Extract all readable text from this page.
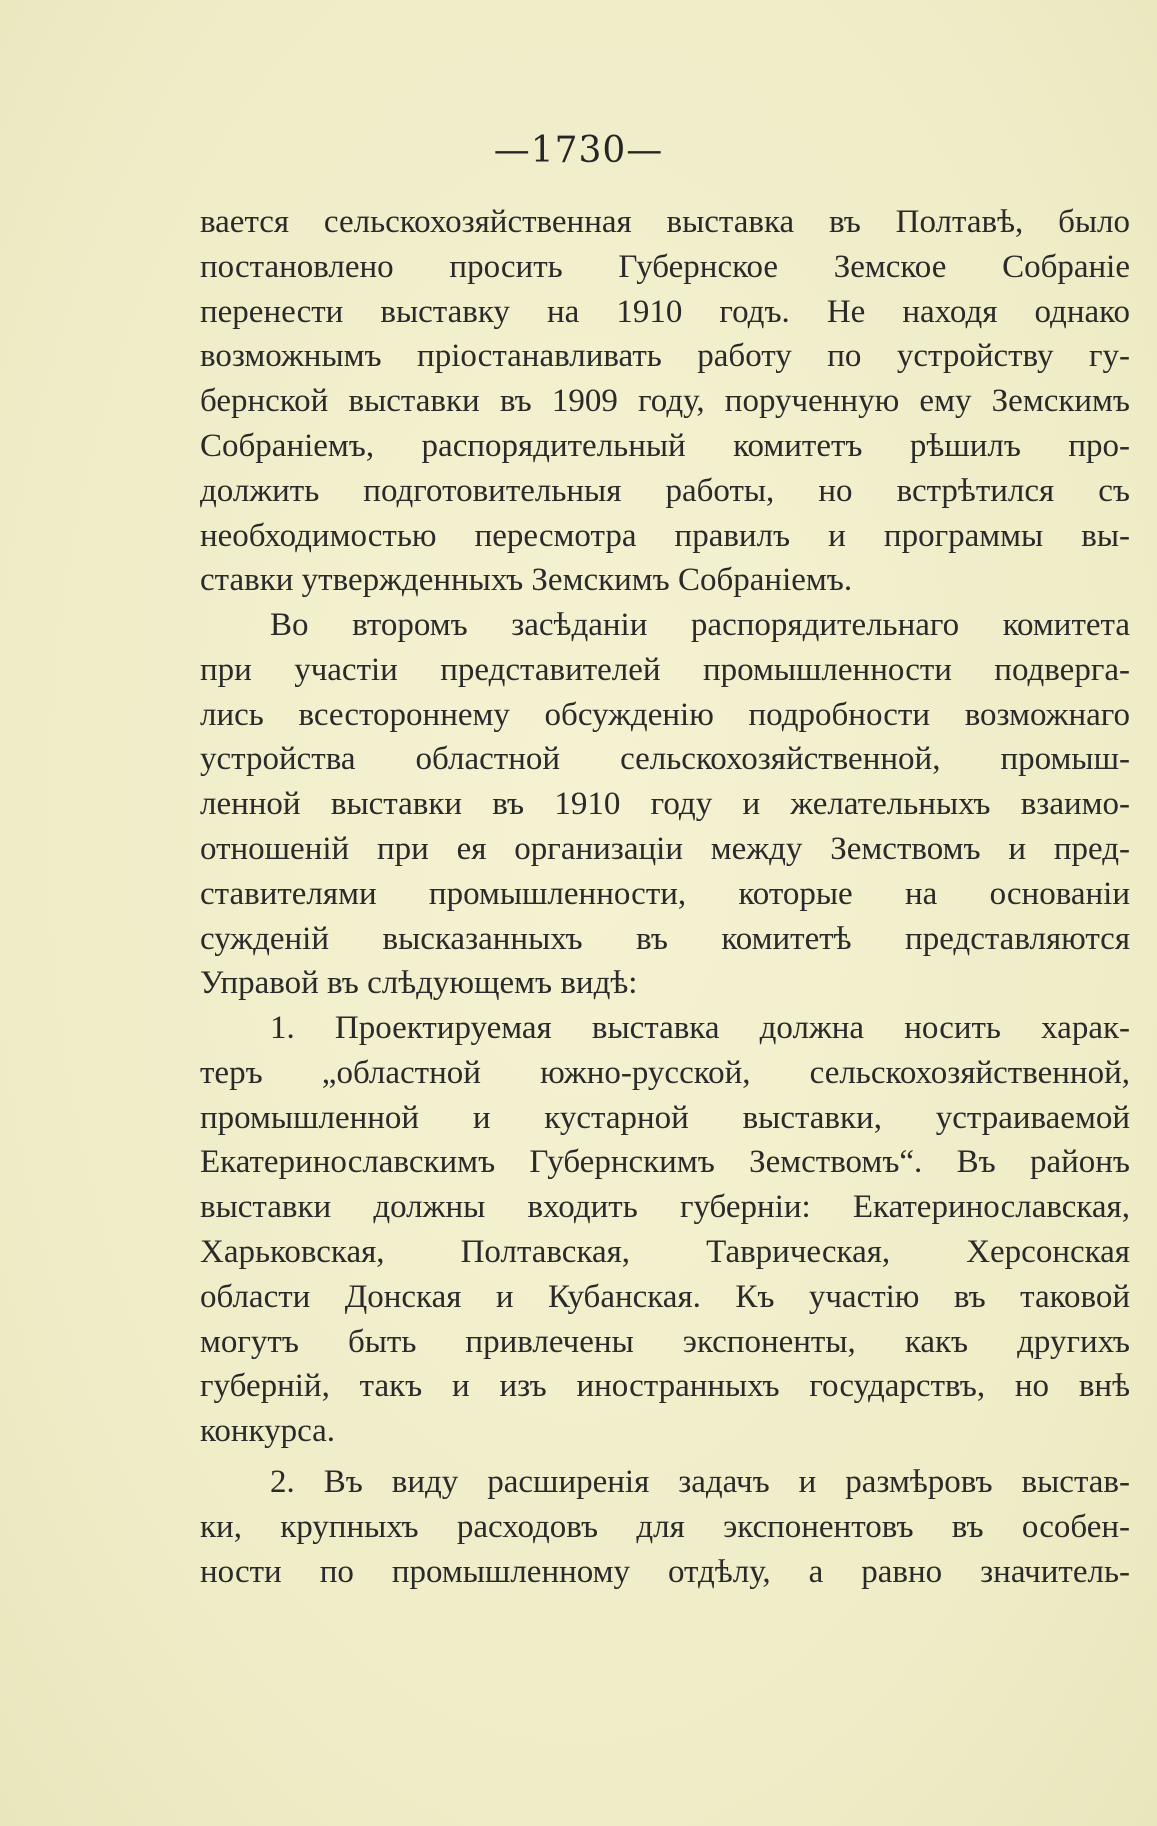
—1730—
вается сельскохозяйственная выставка въ Полтавѣ, было
постановлено просить Губернское Земское Собраніе
перенести выставку на 1910 годъ. Не находя однако
возможнымъ пріостанавливать работу по устройству гу-
бернской выставки въ 1909 году, порученную ему Земскимъ
Собраніемъ, распорядительный комитетъ рѣшилъ про-
должить подготовительныя работы, но встрѣтился съ
необходимостью пересмотра правилъ и программы вы-
ставки утвержденныхъ Земскимъ Собраніемъ.
Во второмъ засѣданіи распорядительнаго комитета
при участіи представителей промышленности подверга-
лись всестороннему обсужденію подробности возможнаго
устройства областной сельскохозяйственной, промыш-
ленной выставки въ 1910 году и желательныхъ взаимо-
отношеній при ея организаціи между Земствомъ и пред-
ставителями промышленности, которые на основаніи
сужденій высказанныхъ въ комитетѣ представляются
Управой въ слѣдующемъ видѣ:
1. Проектируемая выставка должна носить харак-
теръ „областной южно-русской, сельскохозяйственной,
промышленной и кустарной выставки, устраиваемой
Екатеринославскимъ Губернскимъ Земствомъ“. Въ районъ
выставки должны входить губерніи: Екатеринославская,
Харьковская, Полтавская, Таврическая, Херсонская
области Донская и Кубанская. Къ участію въ таковой
могутъ быть привлечены экспоненты, какъ другихъ
губерній, такъ и изъ иностранныхъ государствъ, но внѣ
конкурса.
2. Въ виду расширенія задачъ и размѣровъ выстав-
ки, крупныхъ расходовъ для экспонентовъ въ особен-
ности по промышленному отдѣлу, а равно значитель-
